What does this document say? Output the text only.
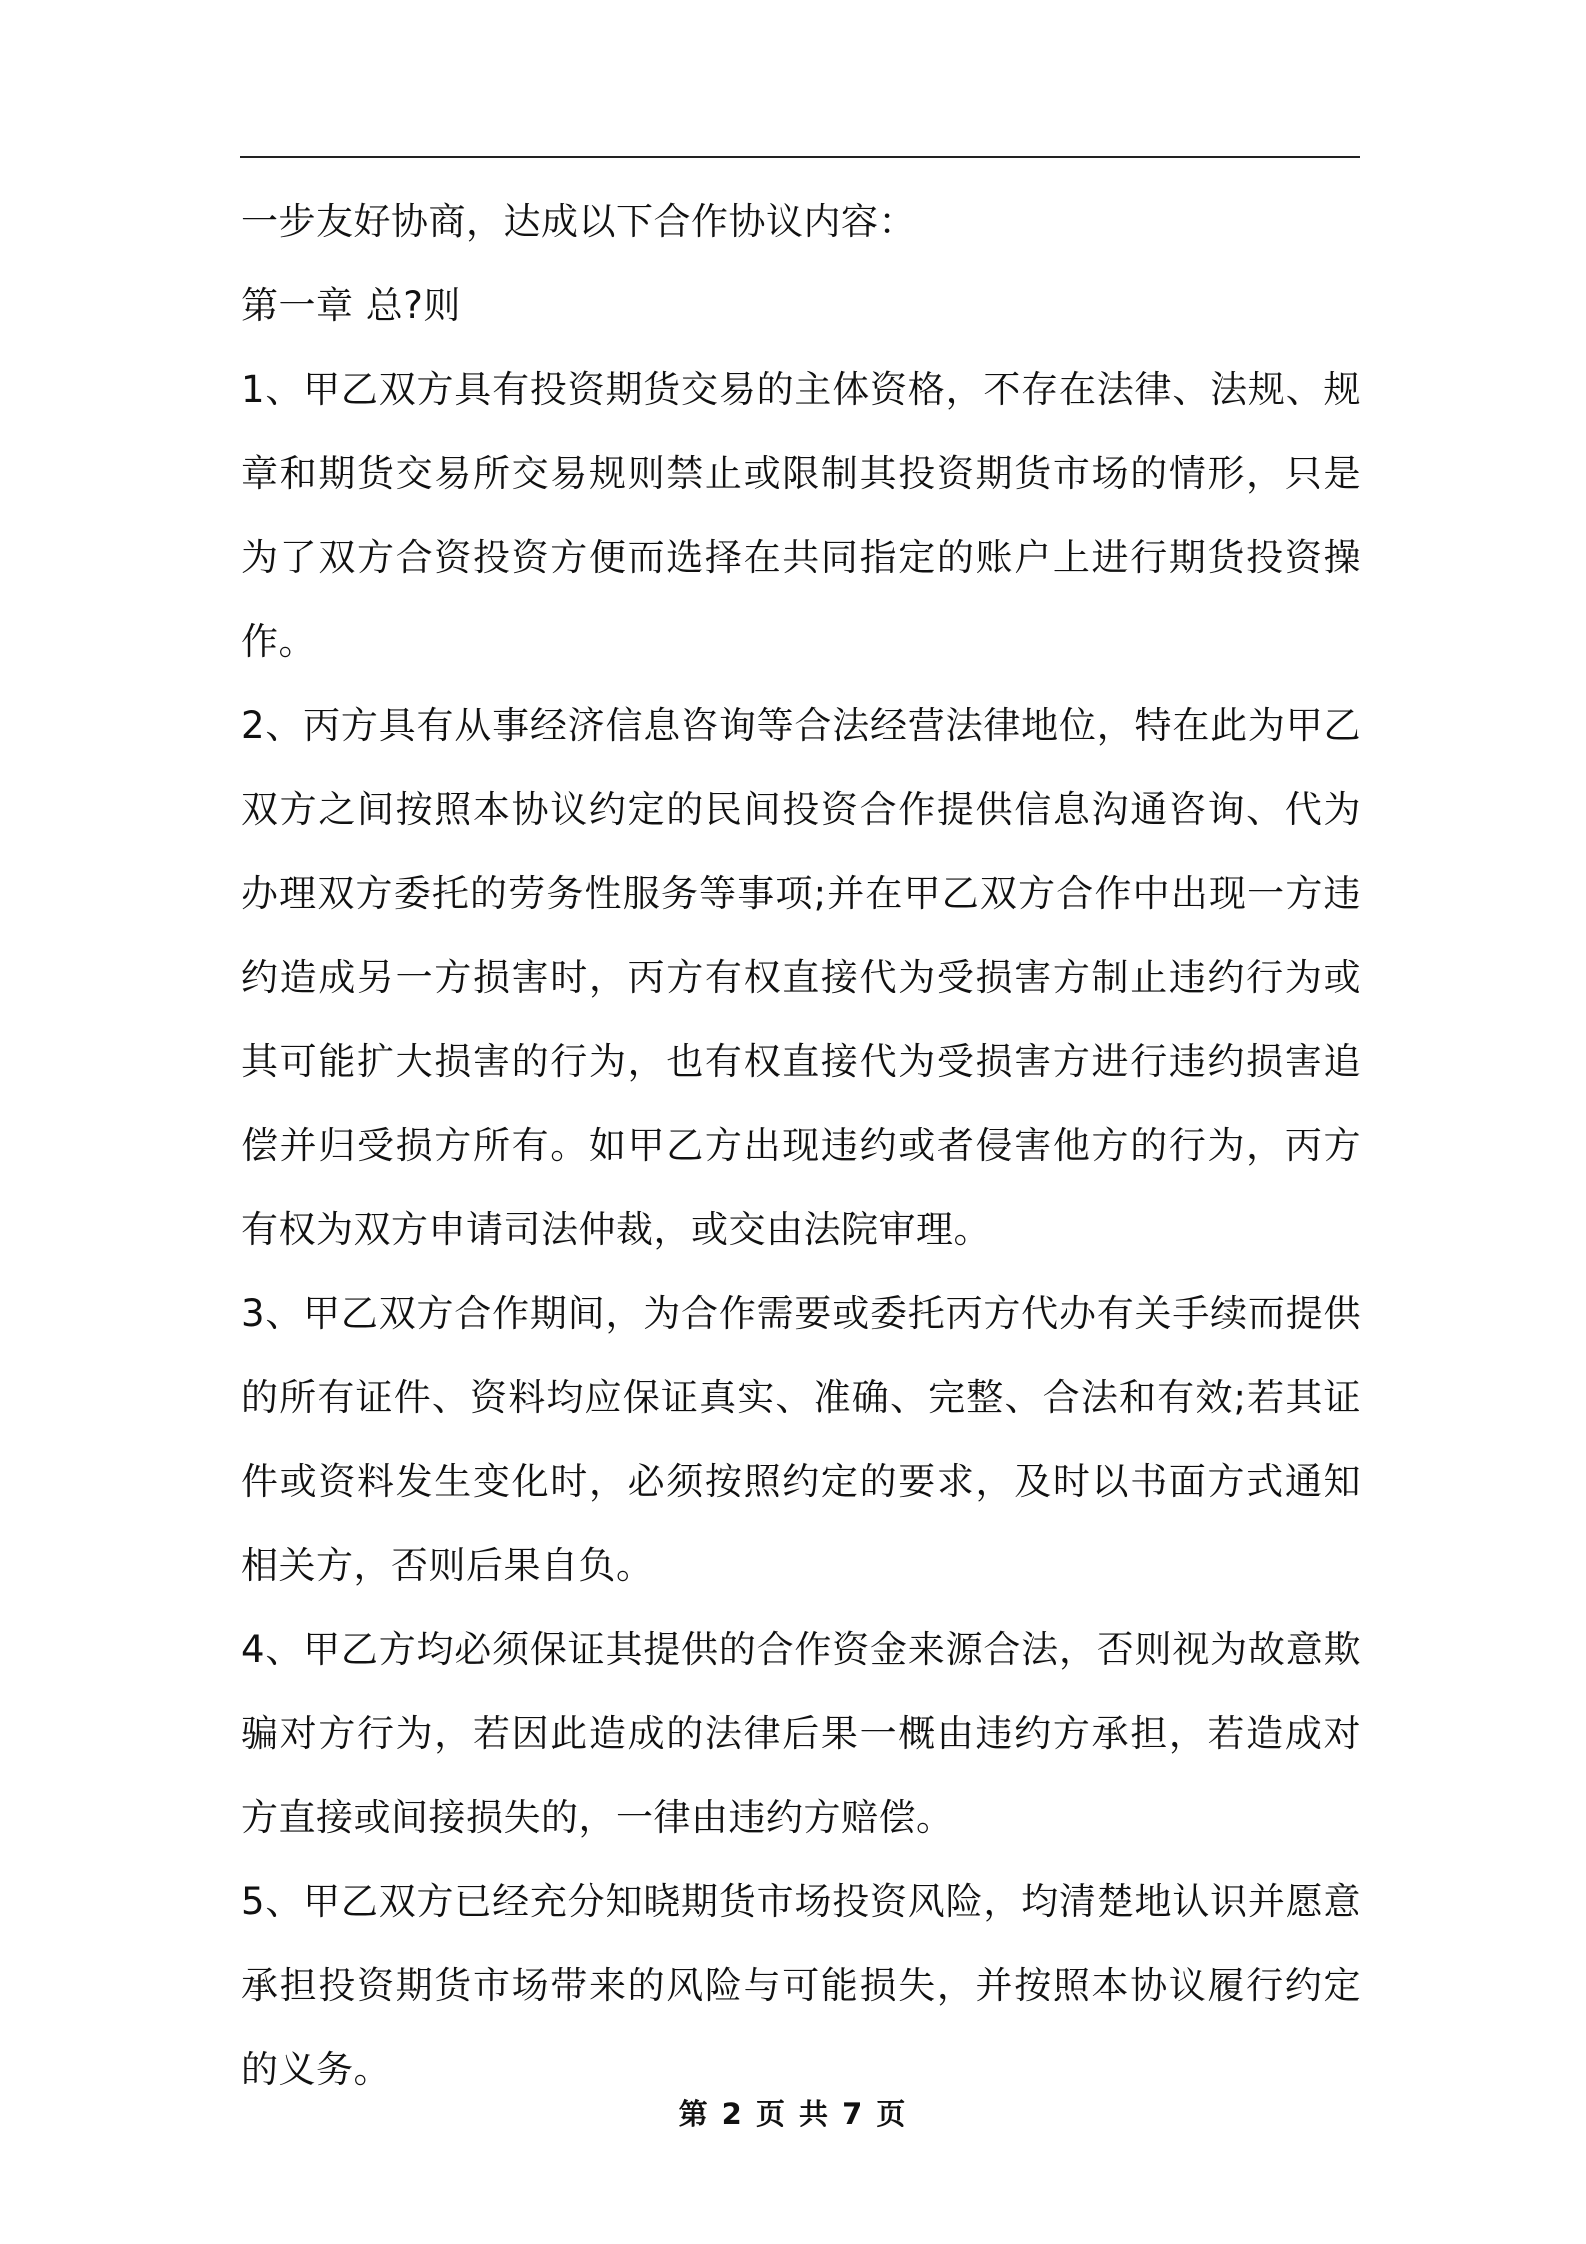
一步友好协商，达成以下合作协议内容：

第一章 总?则

1、甲乙双方具有投资期货交易的主体资格，不存在法律、法规、规章和期货交易所交易规则禁止或限制其投资期货市场的情形，只是为了双方合资投资方便而选择在共同指定的账户上进行期货投资操作。

2、丙方具有从事经济信息咨询等合法经营法律地位，特在此为甲乙双方之间按照本协议约定的民间投资合作提供信息沟通咨询、代为办理双方委托的劳务性服务等事项;并在甲乙双方合作中出现一方违约造成另一方损害时，丙方有权直接代为受损害方制止违约行为或其可能扩大损害的行为，也有权直接代为受损害方进行违约损害追偿并归受损方所有。如甲乙方出现违约或者侵害他方的行为，丙方有权为双方申请司法仲裁，或交由法院审理。

3、甲乙双方合作期间，为合作需要或委托丙方代办有关手续而提供的所有证件、资料均应保证真实、准确、完整、合法和有效;若其证件或资料发生变化时，必须按照约定的要求，及时以书面方式通知相关方，否则后果自负。

4、甲乙方均必须保证其提供的合作资金来源合法，否则视为故意欺骗对方行为，若因此造成的法律后果一概由违约方承担，若造成对方直接或间接损失的，一律由违约方赔偿。

5、甲乙双方已经充分知晓期货市场投资风险，均清楚地认识并愿意承担投资期货市场带来的风险与可能损失，并按照本协议履行约定的义务。

第 2 页 共 7 页
